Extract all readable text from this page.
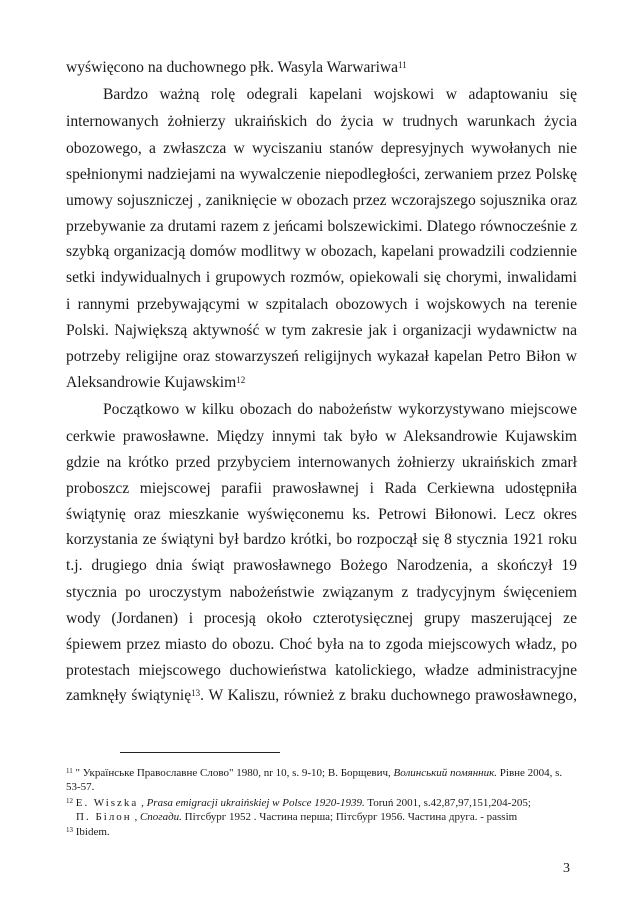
wyświęcono na duchownego płk. Wasyla Warwariwa$^{11}$

Bardzo ważną rolę odegrali kapelani wojskowi w adaptowaniu się

internowanych żołnierzy ukraińskich do życia w trudnych warunkach życia

obozowego, a zwłaszcza w wyciszaniu stanów depresyjnych wywołanych nie

spełnionymi nadziejami na wywalczenie niepodległości, zerwaniem przez Polskę

umowy sojuszniczej , zaniknięcie w obozach przez wczorajszego sojusznika oraz

przebywanie za drutami razem z jeńcami bolszewickimi. Dlatego równocześnie z

szybką organizacją domów modlitwy w obozach, kapelani prowadzili codziennie

setki indywidualnych i grupowych rozmów, opiekowali się chorymi, inwalidami

i rannymi przebywającymi w szpitalach obozowych i wojskowych na terenie

Polski. Największą aktywność w tym zakresie jak i organizacji wydawnictw na

potrzeby religijne oraz stowarzyszeń religijnych wykazał kapelan Petro Biłon w

Aleksandrowie Kujawskim$^{12}$

Początkowo w kilku obozach do nabożeństw wykorzystywano miejscowe

cerkwie prawosławne. Między innymi tak było w Aleksandrowie Kujawskim

gdzie na krótko przed przybyciem internowanych żołnierzy ukraińskich zmarł

proboszcz miejscowej parafii prawosławnej i Rada Cerkiewna udostępniła

świątynię oraz mieszkanie wyświęconemu ks. Petrowi Biłonowi. Lecz okres

korzystania ze świątyni był bardzo krótki, bo rozpoczął się 8 stycznia 1921 roku

t.j. drugiego dnia świąt prawosławnego Bożego Narodzenia, a skończył 19

stycznia po uroczystym nabożeństwie związanym z tradycyjnym święceniem

wody (Jordanen) i procesją około czterotysięcznej grupy maszerującej ze

śpiewem przez miasto do obozu. Choć była na to zgoda miejscowych władz, po

protestach miejscowego duchowieństwa katolickiego, władze administracyjne

zamknęły świątynię$^{13}$. W Kaliszu, również z braku duchownego prawosławnego,

$^{11}$ " Українське Православне Слово" 1980, nr 10, s. 9-10; В. Борщевич, Волинський помянник. Рівне 2004, s.
53-57.
$^{12}$ E. Wiszka , Prasa emigracji ukraińskiej w Polsce 1920-1939. Toruń 2001, s.42,87,97,151,204-205;
П. Білон , Спогади. Пітсбург 1952 . Частина перша; Пітсбург 1956. Частина друга. - passim
$^{13}$ Ibidem.
3
